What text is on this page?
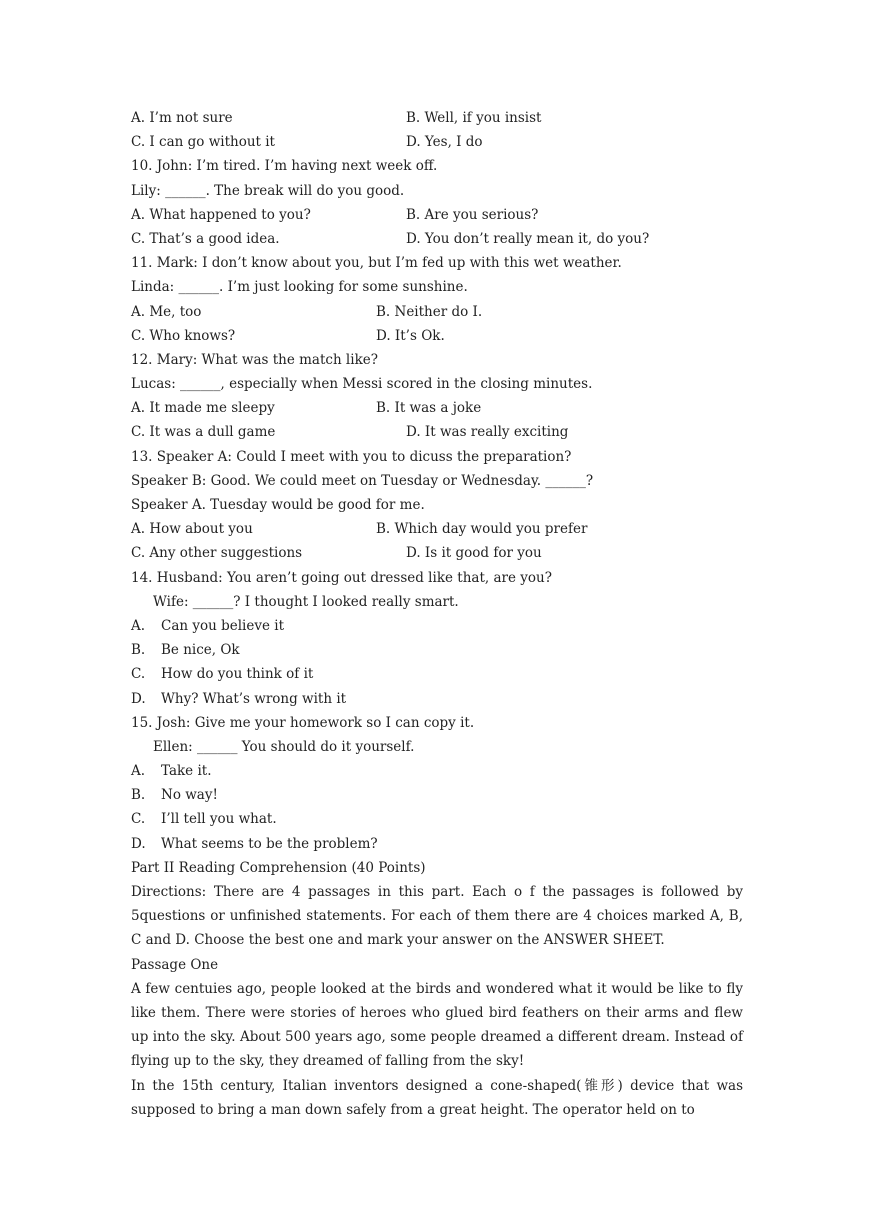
A. I’m not sure	B. Well, if you insist
C. I can go without it	D. Yes, I do
10. John: I’m tired. I’m having next week off.
Lily: ______. The break will do you good.
A. What happened to you?	B. Are you serious?
C. That’s a good idea.	D. You don’t really mean it, do you?
11. Mark: I don’t know about you, but I’m fed up with this wet weather.
Linda: ______. I’m just looking for some sunshine.
A. Me, too	B. Neither do I.
C. Who knows?	D. It’s Ok.
12. Mary: What was the match like?
Lucas: ______, especially when Messi scored in the closing minutes.
A. It made me sleepy	B. It was a joke
C. It was a dull game	D. It was really exciting
13. Speaker A: Could I meet with you to dicuss the preparation?
Speaker B: Good. We could meet on Tuesday or Wednesday. ______?
Speaker A. Tuesday would be good for me.
A. How about you	B. Which day would you prefer
C. Any other suggestions	D. Is it good for you
14. Husband: You aren’t going out dressed like that, are you?
Wife: ______? I thought I looked really smart.
A.	Can you believe it
B.	Be nice, Ok
C.	How do you think of it
D.	Why? What’s wrong with it
15. Josh: Give me your homework so I can copy it.
Ellen: ______ You should do it yourself.
A.	Take it.
B.	No way!
C.	I’ll tell you what.
D.	What seems to be the problem?
Part II Reading Comprehension (40 Points)
Directions: There are 4 passages in this part. Each o f the passages is followed by 5questions or unfinished statements. For each of them there are 4 choices marked A, B, C and D. Choose the best one and mark your answer on the ANSWER SHEET.
Passage One
A few centuies ago, people looked at the birds and wondered what it would be like to fly like them. There were stories of heroes who glued bird feathers on their arms and flew up into the sky. About 500 years ago, some people dreamed a different dream. Instead of flying up to the sky, they dreamed of falling from the sky!
In the 15th century, Italian inventors designed a cone-shaped(锥形) device that was supposed to bring a man down safely from a great height. The operator held on to
